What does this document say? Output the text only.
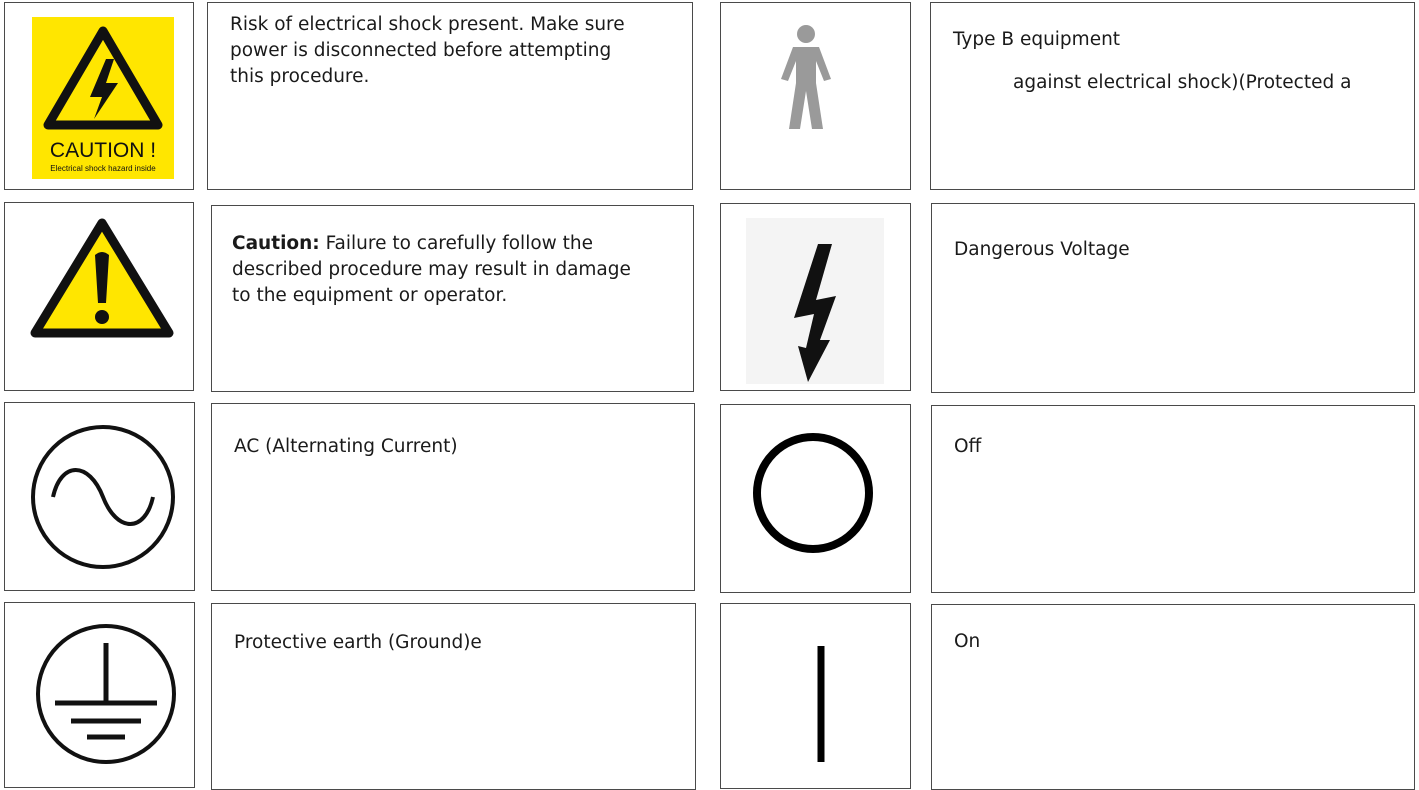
CAUTION !
Electrical shock hazard inside
Risk of electrical shock present. Make sure power is disconnected before attempting this procedure.
Type B equipment
against electrical shock)(Protected a
Caution: Failure to carefully follow the described procedure may result in damage to the equipment or operator.
Dangerous Voltage
AC (Alternating Current)	Off
Protective earth (Ground)e	On
